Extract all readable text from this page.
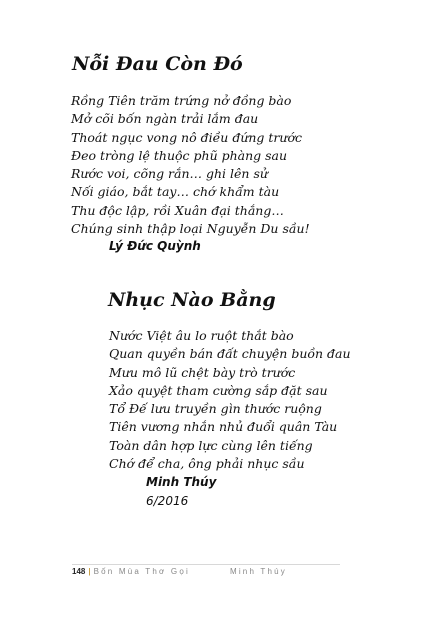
Nỗi Đau Còn Đó
Rồng Tiên trăm trứng nở đồng bào
Mở cõi bốn ngàn trải lắm đau
Thoát ngục vong nô điều đứng trước
Đeo tròng lệ thuộc phũ phàng sau
Rước voi, cõng rắn… ghi lên sử
Nối giáo, bắt tay… chớ khẩm tàu
Thu độc lập, rồi Xuân đại thắng…
Chúng sinh thập loại Nguyễn Du sầu!
Lý Đức Quỳnh
Nhục Nào Bằng
Nước Việt âu lo ruột thắt bào
Quan quyền bán đất chuyện buồn đau
Mưu mô lũ chệt bày trò trước
Xảo quyệt tham cường sắp đặt sau
Tổ Đế lưu truyền gìn thước ruộng
Tiên vương nhắn nhủ đuổi quân Tàu
Toàn dân hợp lực cùng lên tiếng
Chớ để cha, ông phải nhục sầu
Minh Thúy
6/2016
148 | Bốn Mùa Thơ Gọi	Minh Thúy
